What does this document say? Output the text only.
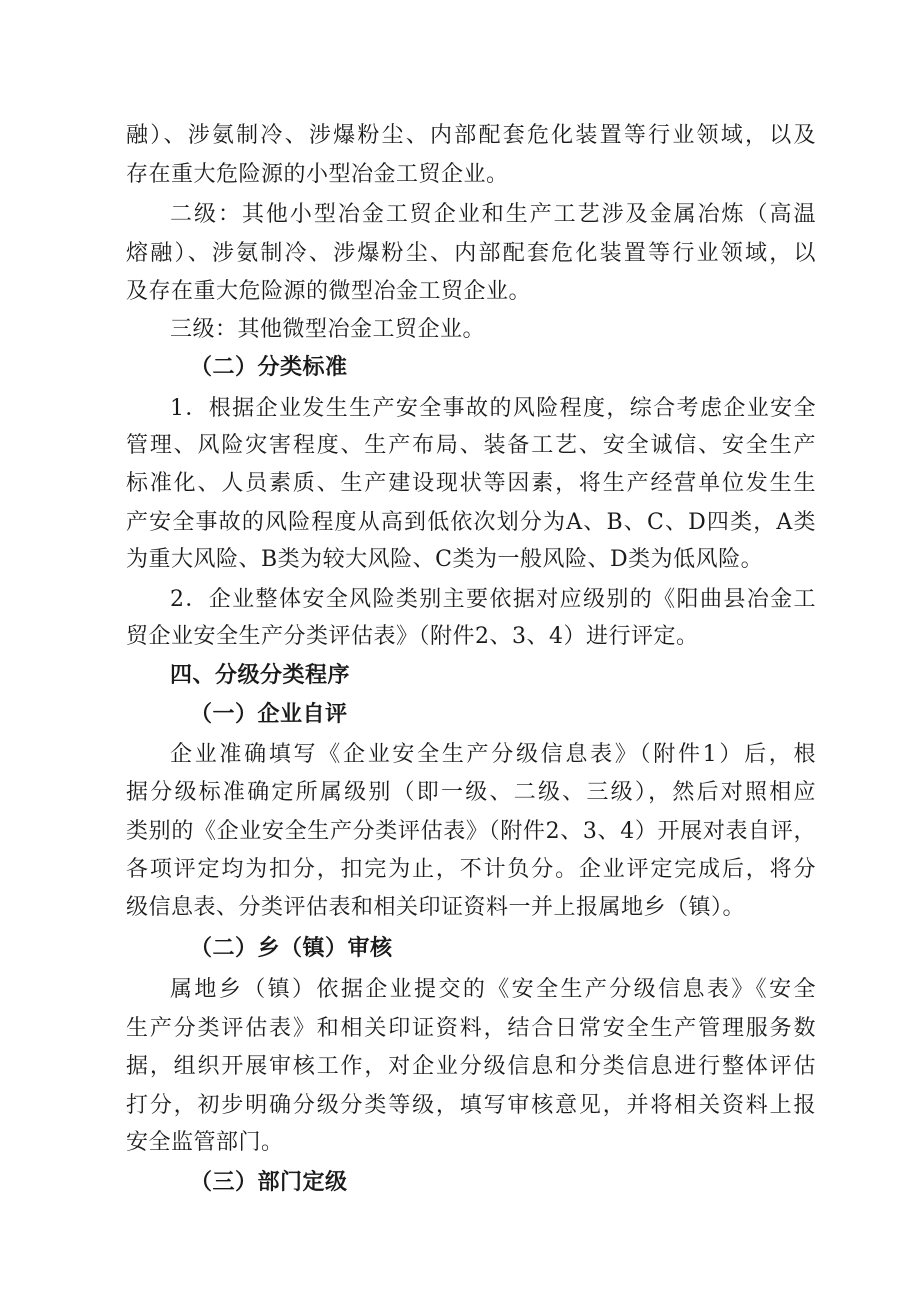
融）、涉氨制冷、涉爆粉尘、内部配套危化装置等行业领域，以及
存在重大危险源的小型冶金工贸企业。
二级：其他小型冶金工贸企业和生产工艺涉及金属冶炼（高温
熔融）、涉氨制冷、涉爆粉尘、内部配套危化装置等行业领域，以
及存在重大危险源的微型冶金工贸企业。
三级：其他微型冶金工贸企业。
（二）分类标准
1．根据企业发生生产安全事故的风险程度，综合考虑企业安全
管理、风险灾害程度、生产布局、装备工艺、安全诚信、安全生产
标准化、人员素质、生产建设现状等因素，将生产经营单位发生生
产安全事故的风险程度从高到低依次划分为A、B、C、D四类，A类
为重大风险、B类为较大风险、C类为一般风险、D类为低风险。
2．企业整体安全风险类别主要依据对应级别的《阳曲县冶金工
贸企业安全生产分类评估表》（附件2、3、4）进行评定。
四、分级分类程序
（一）企业自评
企业准确填写《企业安全生产分级信息表》（附件1）后，根
据分级标准确定所属级别（即一级、二级、三级），然后对照相应
类别的《企业安全生产分类评估表》（附件2、3、4）开展对表自评，
各项评定均为扣分，扣完为止，不计负分。企业评定完成后，将分
级信息表、分类评估表和相关印证资料一并上报属地乡（镇）。
（二）乡（镇）审核
属地乡（镇）依据企业提交的《安全生产分级信息表》《安全
生产分类评估表》和相关印证资料，结合日常安全生产管理服务数
据，组织开展审核工作，对企业分级信息和分类信息进行整体评估
打分，初步明确分级分类等级，填写审核意见，并将相关资料上报
安全监管部门。
（三）部门定级
